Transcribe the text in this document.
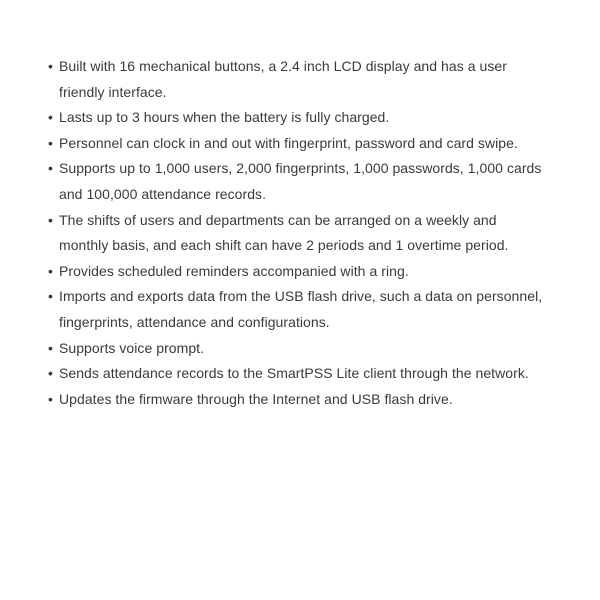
• Built with 16 mechanical buttons, a 2.4 inch LCD display and has a user friendly interface.
• Lasts up to 3 hours when the battery is fully charged.
• Personnel can clock in and out with fingerprint, password and card swipe.
• Supports up to 1,000 users, 2,000 fingerprints, 1,000 passwords, 1,000 cards and 100,000 attendance records.
• The shifts of users and departments can be arranged on a weekly and monthly basis, and each shift can have 2 periods and 1 overtime period.
• Provides scheduled reminders accompanied with a ring.
• Imports and exports data from the USB flash drive, such a data on personnel, fingerprints, attendance and configurations.
• Supports voice prompt.
• Sends attendance records to the SmartPSS Lite client through the network.
• Updates the firmware through the Internet and USB flash drive.
